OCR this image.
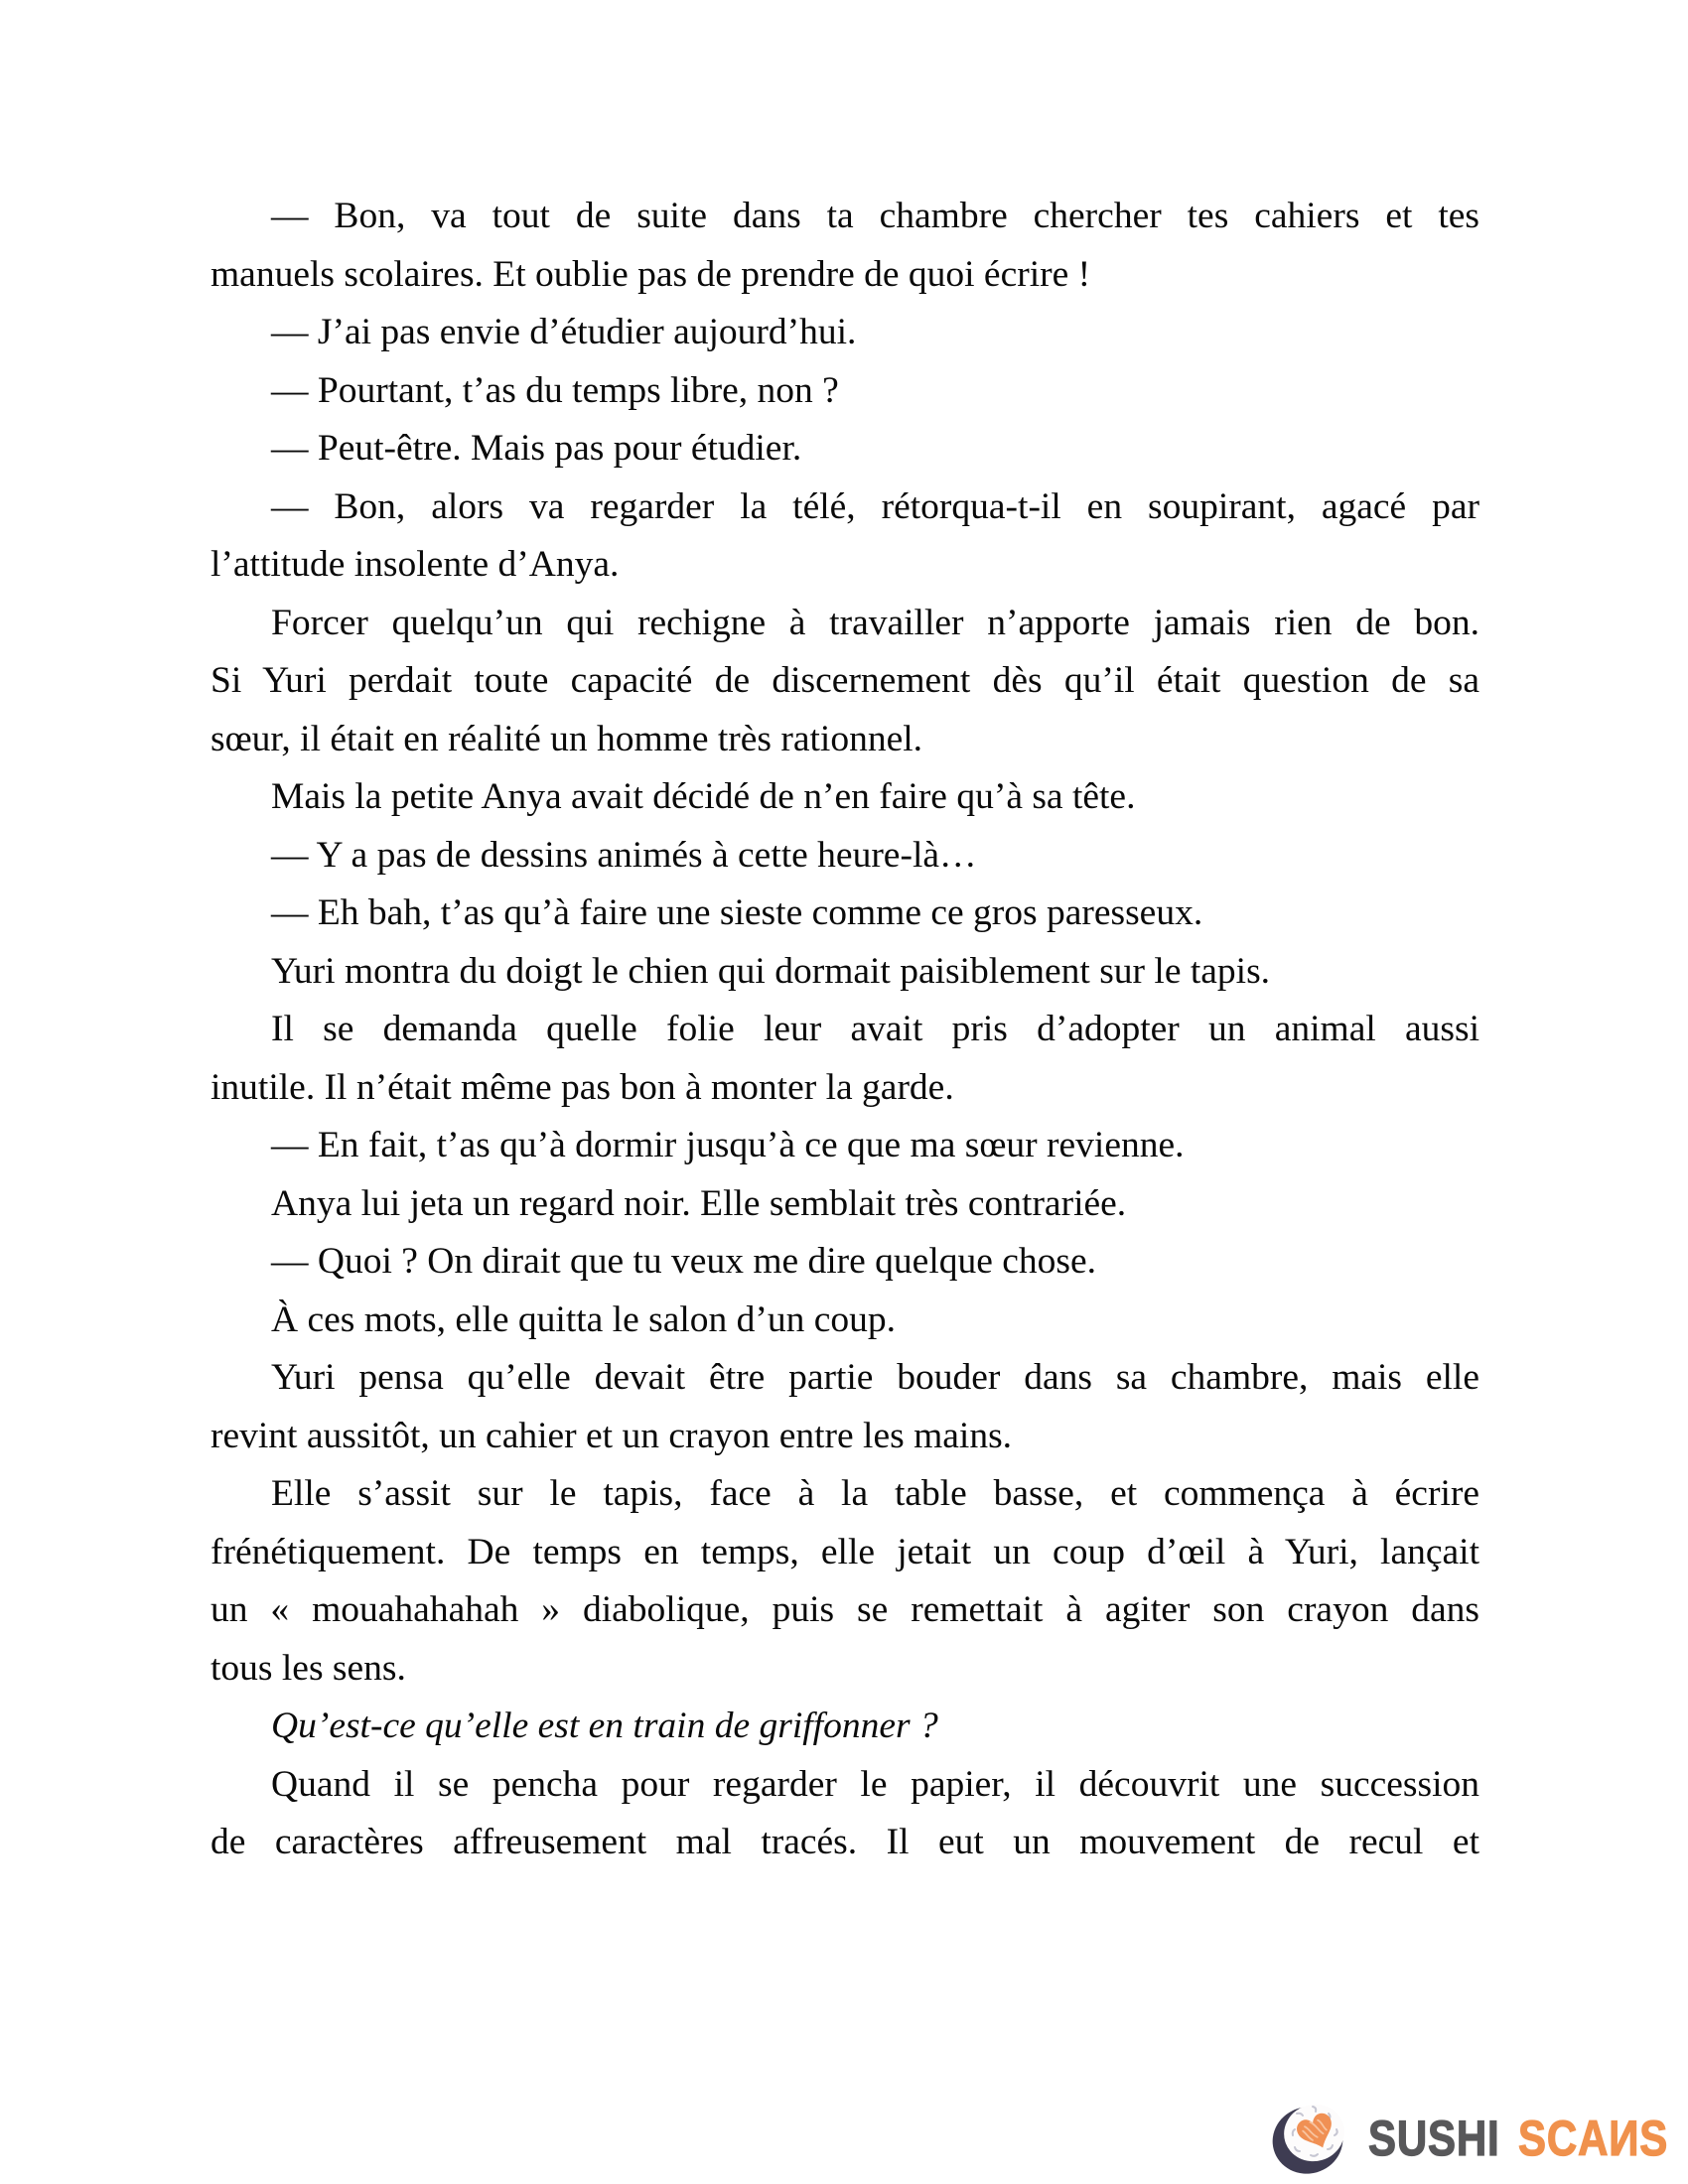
— Bon, va tout de suite dans ta chambre chercher tes cahiers et tes
manuels scolaires. Et oublie pas de prendre de quoi écrire !
— J’ai pas envie d’étudier aujourd’hui.
— Pourtant, t’as du temps libre, non ?
— Peut-être. Mais pas pour étudier.
— Bon, alors va regarder la télé, rétorqua-t-il en soupirant, agacé par
l’attitude insolente d’Anya.
Forcer quelqu’un qui rechigne à travailler n’apporte jamais rien de bon.
Si Yuri perdait toute capacité de discernement dès qu’il était question de sa
sœur, il était en réalité un homme très rationnel.
Mais la petite Anya avait décidé de n’en faire qu’à sa tête.
— Y a pas de dessins animés à cette heure-là…
— Eh bah, t’as qu’à faire une sieste comme ce gros paresseux.
Yuri montra du doigt le chien qui dormait paisiblement sur le tapis.
Il se demanda quelle folie leur avait pris d’adopter un animal aussi
inutile. Il n’était même pas bon à monter la garde.
— En fait, t’as qu’à dormir jusqu’à ce que ma sœur revienne.
Anya lui jeta un regard noir. Elle semblait très contrariée.
— Quoi ? On dirait que tu veux me dire quelque chose.
À ces mots, elle quitta le salon d’un coup.
Yuri pensa qu’elle devait être partie bouder dans sa chambre, mais elle
revint aussitôt, un cahier et un crayon entre les mains.
Elle s’assit sur le tapis, face à la table basse, et commença à écrire
frénétiquement. De temps en temps, elle jetait un coup d’œil à Yuri, lançait
un « mouahahahah » diabolique, puis se remettait à agiter son crayon dans
tous les sens.
Qu’est-ce qu’elle est en train de griffonner ?
Quand il se pencha pour regarder le papier, il découvrit une succession
de caractères affreusement mal tracés. Il eut un mouvement de recul et
SUSHI SCAИS
